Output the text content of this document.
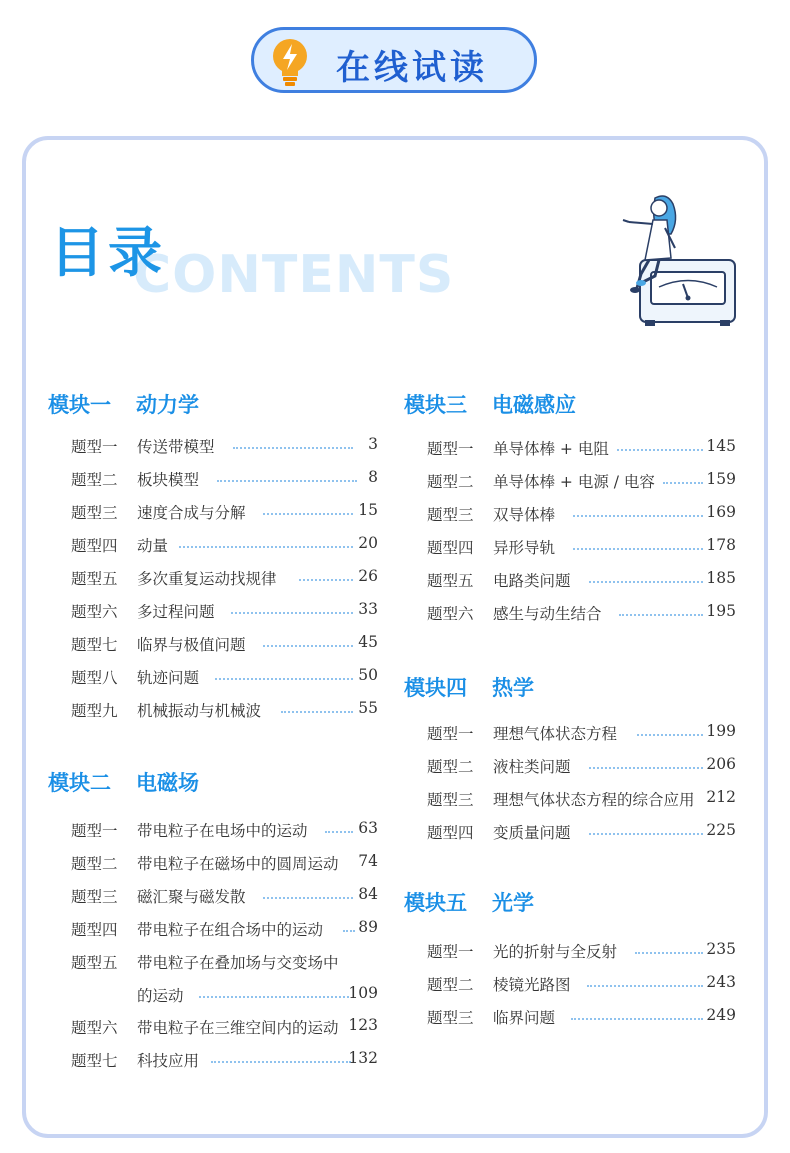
在线试读
CONTENTS
目录
模块一 动力学
题型一 传送带模型	3
题型二 板块模型	8
题型三 速度合成与分解	15
题型四 动量	20
题型五 多次重复运动找规律	26
题型六 多过程问题	33
题型七 临界与极值问题	45
题型八 轨迹问题	50
题型九 机械振动与机械波	55
模块二 电磁场
题型一 带电粒子在电场中的运动	63
题型二 带电粒子在磁场中的圆周运动 74
题型三 磁汇聚与磁发散	84
题型四 带电粒子在组合场中的运动 89
题型五 带电粒子在叠加场与交变场中
的运动	109
题型六 带电粒子在三维空间内的运动 123
题型七 科技应用	132
模块三 电磁感应
题型一 单导体棒 + 电阻	145
题型二 单导体棒 + 电源 / 电容	159
题型三 双导体棒	169
题型四 异形导轨	178
题型五 电路类问题	185
题型六 感生与动生结合	195
模块四 热学
题型一 理想气体状态方程	199
题型二 液柱类问题	206
题型三 理想气体状态方程的综合应用 212
题型四 变质量问题	225
模块五 光学
题型一 光的折射与全反射	235
题型二 棱镜光路图	243
题型三 临界问题	249
